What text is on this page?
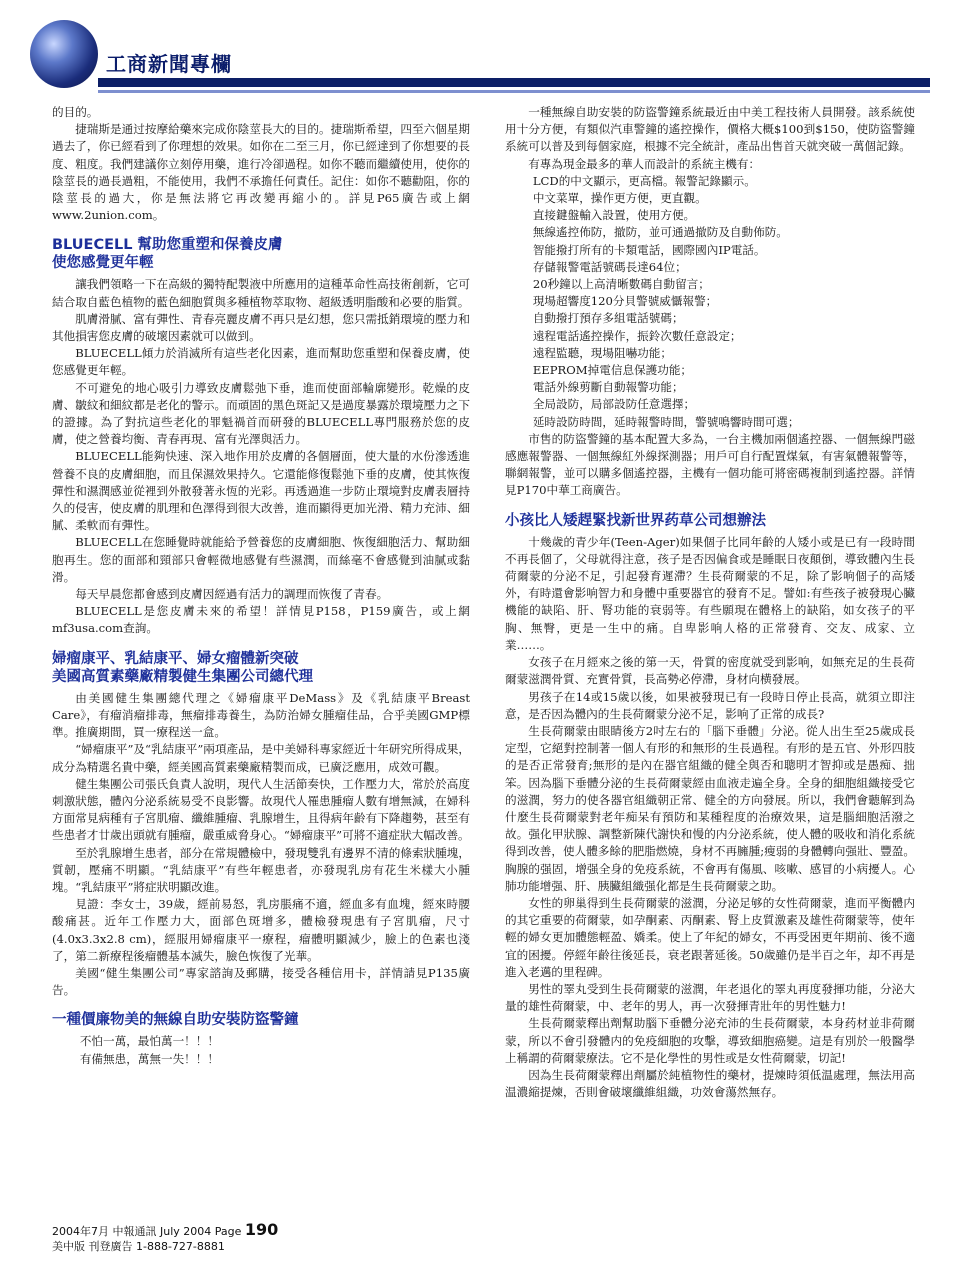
工商新聞專欄

的目的。

捷瑞斯是通过按摩給藥來完成你陰莖長大的目的。捷瑞斯希望，四至六個星期過去了，你已經看到了你理想的效果。如你在二至三月，你已經達到了你想要的長度、粗度。我們建議你立刻停用藥，進行冷卻過程。如你不聽而繼續使用，使你的陰莖長的過長過粗，不能使用，我們不承擔任何責任。記住：如你不聽勸阻，你的陰莖長的過大，你是無法將它再改變再縮小的。詳見P65廣告或上網www.2union.com。

BLUECELL 幫助您重塑和保養皮膚
使您感覺更年輕

讓我們領略一下在高級的獨特配製液中所應用的這種革命性高技術創新，它可結合取自藍色植物的藍色細胞質與多種植物萃取物、超級透明脂酸和必要的脂質。

肌膚滑膩、富有彈性、青春亮麗皮膚不再只是幻想，您只需抵銷環境的壓力和其他損害您皮膚的破壞因素就可以做到。

BLUECELL傾力於消滅所有這些老化因素，進而幫助您重塑和保養皮膚，使您感覺更年輕。

不可避免的地心吸引力導致皮膚鬆弛下垂，進而使面部輪廓變形。乾燥的皮膚、皺紋和細紋都是老化的警示。而頑固的黑色斑記又是過度暴露於環境壓力之下的證據。為了對抗這些老化的罪魁禍首而研發的BLUECELL專門服務於您的皮膚，使之營養均衡、青春再現、富有光澤與活力。

BLUECELL能夠快速、深入地作用於皮膚的各個層面，使大量的水份滲透進營養不良的皮膚細胞，而且保濕效果持久。它還能修復鬆弛下垂的皮膚，使其恢復彈性和濕潤感並從裡到外散發著永恆的光彩。再透過進一步防止環境對皮膚表層持久的侵害，使皮膚的肌理和色澤得到很大改善，進而顯得更加光滑、精力充沛、細膩、柔軟而有彈性。

BLUECELL在您睡覺時就能給予營養您的皮膚細胞、恢復細胞活力、幫助細胞再生。您的面部和頸部只會輕微地感覺有些濕潤，而絲毫不會感覺到油膩或黏滑。

每天早晨您都會感到皮膚因經過有活力的調理而恢復了青春。

BLUECELL是您皮膚未來的希望！詳情見P158，P159廣告，或上網mf3usa.com查詢。

婦瘤康平、乳結康平、婦女瘤體新突破
美國高質素藥廠精製健生集團公司總代理

由美國健生集團總代理之《婦瘤康平DeMass》及《乳結康平Breast Care》，有瘤消瘤排毒，無瘤排毒養生，為防治婦女腫瘤佳品，合乎美國GMP標準。推廣期間，買一療程送一盒。

“婦瘤康平”及“乳結康平”兩項產品，是中美婦科專家經近十年研究所得成果，成分為精選名貴中藥，經美國高質素藥廠精製而成，已廣泛應用，成效可觀。

健生集團公司張氏負責人說明，現代人生活節奏快，工作壓力大，常於於高度刺激狀態，體內分泌系統易受不良影響。故現代人罹患腫瘤人數有增無減，在婦科方面常見病種有子宮肌瘤、纖維腫瘤、乳腺增生，且得病年齡有下降趨勢，甚至有些患者才廿歲出頭就有腫瘤，嚴重威脅身心。“婦瘤康平”可將不適症狀大幅改善。

至於乳腺增生患者，部分在常規體檢中，發現雙乳有邊界不清的條索狀腫塊，質韌，壓痛不明顯。“乳結康平”有些年輕患者，亦發現乳房有花生米樣大小腫塊。“乳結康平”將症狀明顯改進。

見證：李女士，39歲，經前易怒，乳房脹痛不適，經血多有血塊，經來時腰酸痛甚。近年工作壓力大，面部色斑增多，體檢發現患有子宮肌瘤，尺寸(4.0x3.3x2.8 cm)，經服用婦瘤康平一療程，瘤體明顯減少，臉上的色素也淺了，第二新療程後瘤體基本滅失，臉色恢復了光華。

美國“健生集團公司”專家諮詢及郵購，接受各種信用卡，詳情請見P135廣告。

一種價廉物美的無線自助安裝防盜警鐘

不怕一萬，最怕萬一！！！

有備無患，萬無一失！！！

一種無線自助安裝的防盜警鐘系統最近由中美工程技術人員開發。該系統使用十分方便，有類似汽車警鐘的遙控操作，價格大概$100到$150，使防盜警鐘系統可以普及到每個家庭，根據不完全統計，產品出售首天就突破一萬個記錄。

有專為現金最多的華人而設計的系統主機有：

LCD的中文顯示，更高檔。報警記錄顯示。

中文菜單，操作更方便，更直觀。

直接鍵盤輸入設置，使用方便。

無線遙控佈防，撤防，並可通過撤防及自動佈防。

智能撥打所有的卡類電話，國際國內IP電話。

存儲報警電話號碼長達64位；

20秒鐘以上高清晰數碼自動留言；

現場超響度120分貝警號威懾報警；

自動撥打預存多組電話號碼；

遠程電話遙控操作，振鈴次數任意設定；

遠程監聽，現場阻嚇功能；

EEPROM掉電信息保護功能；

電話外線剪斷自動報警功能；

全局設防，局部設防任意選擇；

延時設防時間，延時報警時間，警號鳴響時間可選；

市售的防盜警鐘的基本配置大多為，一台主機加兩個遙控器、一個無線門磁感應報警器、一個無線紅外線探測器；用戶可自行配置煤氣，有害氣體報警等，聯網報警，並可以購多個遙控器，主機有一個功能可將密碼複制到遙控器。詳情見P170中華工商廣告。

小孩比人矮趕緊找新世界药草公司想辦法

十幾歲的青少年(Teen-Ager)如果個子比同年齡的人矮小或是已有一段時間不再長個了，父母就得注意，孩子是否因偏食或是睡眠日夜顛倒，導致體內生長荷爾蒙的分泌不足，引起發育遲滯？生長荷爾蒙的不足，除了影响個子的高矮外，有時還會影响智力和身體中重要器官的發育不足。譬如:有些孩子被發現心臟機能的缺陷、肝、腎功能的衰弱等。有些願現在體格上的缺陷，如女孩子的平胸、無臀，更是一生中的痛。自卑影响人格的正常發育、交友、成家、立業……。

女孩子在月經來之後的第一天，骨質的密度就受到影响，如無充足的生長荷爾蒙滋潤骨質、充實骨質，長高勢必停滯，身材向横發展。

男孩子在14或15歲以後，如果被發現已有一段時日停止長高，就須立即注意，是否因為體內的生長荷爾蒙分泌不足，影响了正常的成長?

生長荷爾蒙由眼睛後方2吋左右的「腦下垂體」分泌。從人出生至25歲成長定型，它絕對控制著一個人有形的和無形的生長過程。有形的是五官、外形四肢的是否正常發育;無形的是內在器官組織的健全與否和聰明才智抑或是愚痴、拙笨。因為腦下垂體分泌的生長荷爾蒙經由血液走遍全身。全身的細胞組織接受它的滋潤，努力的使各器官組織朝正常、健全的方向發展。所以，我們會聽解到為什麼生長荷爾蒙對老年痴呆有預防和某種程度的治療效果，這是腦細胞活潑之故。强化甲狀腺、調整新陳代謝快和慢的内分泌系統，使人體的吸收和消化系統得到改善，使人體多餘的肥脂燃燒，身材不再臃腫;瘦弱的身體轉向强壯、豐盈。胸腺的强固，增强全身的免疫系統，不會再有傷風、咳嗽、感冒的小病擾人。心肺功能增强、肝、胰臟組織强化都是生長荷爾蒙之助。

女性的卵巢得到生長荷爾蒙的滋潤，分泌足够的女性荷爾蒙，進而平衡體内的其它重要的荷爾蒙，如孕酮素、丙酮素、腎上皮質激素及雄性荷爾蒙等，使年輕的婦女更加體態輕盈、嬌柔。使上了年紀的婦女，不再受困更年期前、後不適宜的困擾。停經年齡往後延長，衰老跟著延後。50歲雖仍是半百之年，却不再是進入老邁的里程碑。

男性的睪丸受到生長荷爾蒙的滋潤，年老退化的睪丸再度發揮功能，分泌大量的雄性荷爾蒙，中、老年的男人，再一次發揮青壯年的男性魅力!

生長荷爾蒙釋出劑幫助腦下垂體分泌充沛的生長荷爾蒙，本身药材並非荷爾蒙，所以不會引發體内的免疫細胞的攻擊，導致細胞癌變。這是有別於一般醫學上稱謂的荷爾蒙療法。它不是化學性的男性或是女性荷爾蒙，切記!

因為生長荷爾蒙釋出劑屬於純植物性的藥材，提煉時須低温處理，無法用高温濃縮提煉，否則會破壞纖維組織，功效會蕩然無存。

2004年7月 中報通訊 July 2004 Page 190
美中版 刊登廣告 1-888-727-8881
